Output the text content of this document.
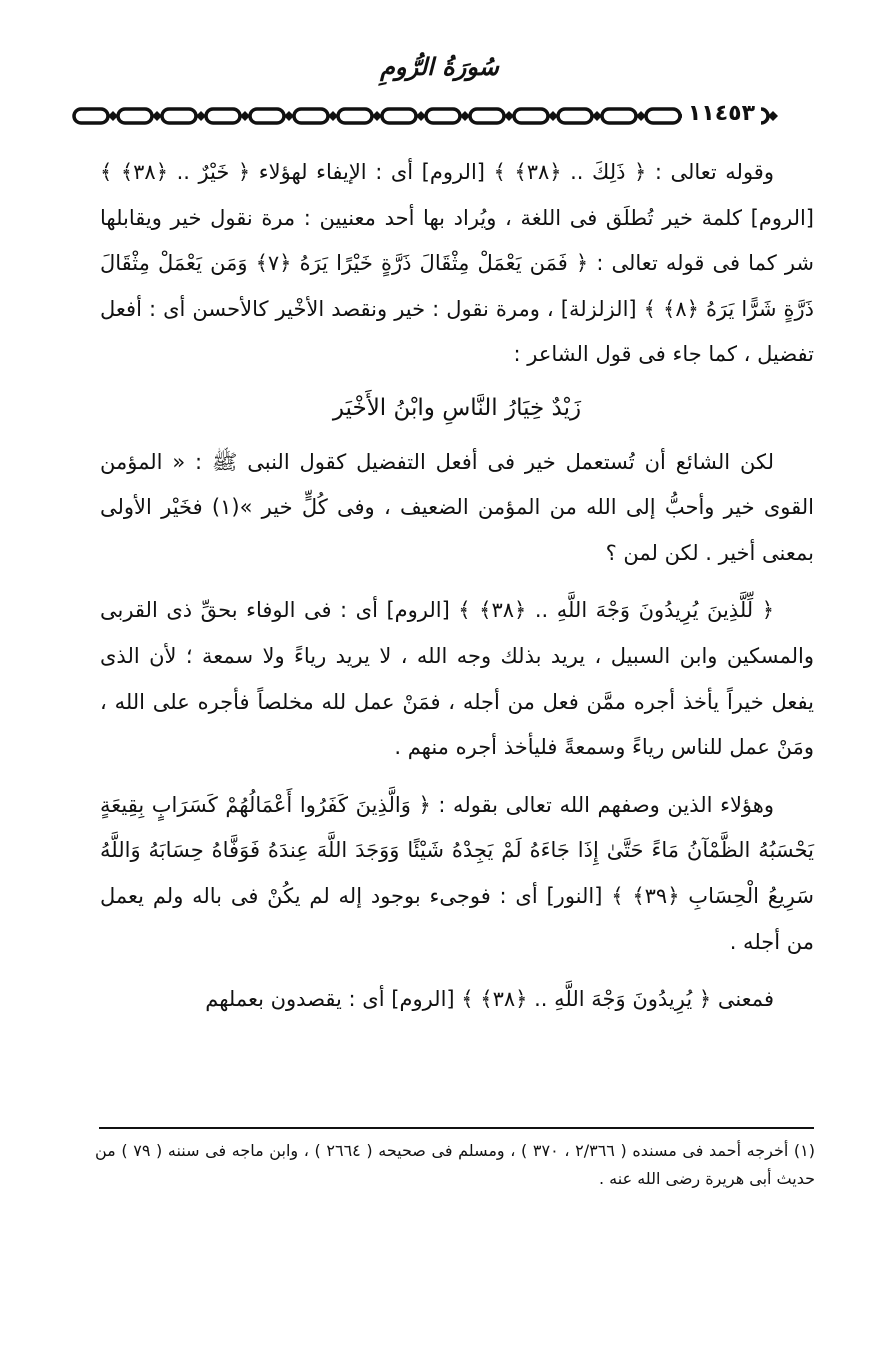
سُورَةُ الرُّومِ
١١٤٥٣

وقوله تعالى : ﴿ ذَلِكَ .. ﴿٣٨﴾ ﴾ [الروم] أى : الإيفاء لهؤلاء ﴿ خَيْرٌ .. ﴿٣٨﴾ ﴾ [الروم] كلمة خير تُطلَق فى اللغة ، ويُراد بها أحد معنيين : مرة نقول خير ويقابلها شر كما فى قوله تعالى : ﴿ فَمَن يَعْمَلْ مِثْقَالَ ذَرَّةٍ خَيْرًا يَرَهُ ﴿٧﴾ وَمَن يَعْمَلْ مِثْقَالَ ذَرَّةٍ شَرًّا يَرَهُ ﴿٨﴾ ﴾ [الزلزلة] ، ومرة نقول : خير ونقصد الأخْير كالأحسن أى : أفعل تفضيل ، كما جاء فى قول الشاعر :

زَيْدٌ خِيَارُ النَّاسِ وابْنُ الأَخْيَر

لكن الشائع أن تُستعمل خير فى أفعل التفضيل كقول النبى ﷺ : « المؤمن القوى خير وأحبُّ إلى الله من المؤمن الضعيف ، وفى كُلٍّ خير »(١) فخَيْر الأولى بمعنى أخير . لكن لمن ؟

﴿ لِّلَّذِينَ يُرِيدُونَ وَجْهَ اللَّهِ .. ﴿٣٨﴾ ﴾ [الروم] أى : فى الوفاء بحقِّ ذى القربى والمسكين وابن السبيل ، يريد بذلك وجه الله ، لا يريد رياءً ولا سمعة ؛ لأن الذى يفعل خيراً يأخذ أجره ممَّن فعل من أجله ، فمَنْ عمل لله مخلصاً فأجره على الله ، ومَنْ عمل للناس رياءً وسمعةً فليأخذ أجره منهم .

وهؤلاء الذين وصفهم الله تعالى بقوله : ﴿ وَالَّذِينَ كَفَرُوا أَعْمَالُهُمْ كَسَرَابٍ بِقِيعَةٍ يَحْسَبُهُ الظَّمْآنُ مَاءً حَتَّىٰ إِذَا جَاءَهُ لَمْ يَجِدْهُ شَيْئًا وَوَجَدَ اللَّهَ عِندَهُ فَوَفَّاهُ حِسَابَهُ وَاللَّهُ سَرِيعُ الْحِسَابِ ﴿٣٩﴾ ﴾ [النور] أى : فوجىء بوجود إله لم يكُنْ فى باله ولم يعمل من أجله .

فمعنى ﴿ يُرِيدُونَ وَجْهَ اللَّهِ .. ﴿٣٨﴾ ﴾ [الروم] أى : يقصدون بعملهم

(١) أخرجه أحمد فى مسنده ( ٢/٣٦٦ ، ٣٧٠ ) ، ومسلم فى صحيحه ( ٢٦٦٤ ) ، وابن ماجه فى سننه ( ٧٩ ) من حديث أبى هريرة رضى الله عنه .
